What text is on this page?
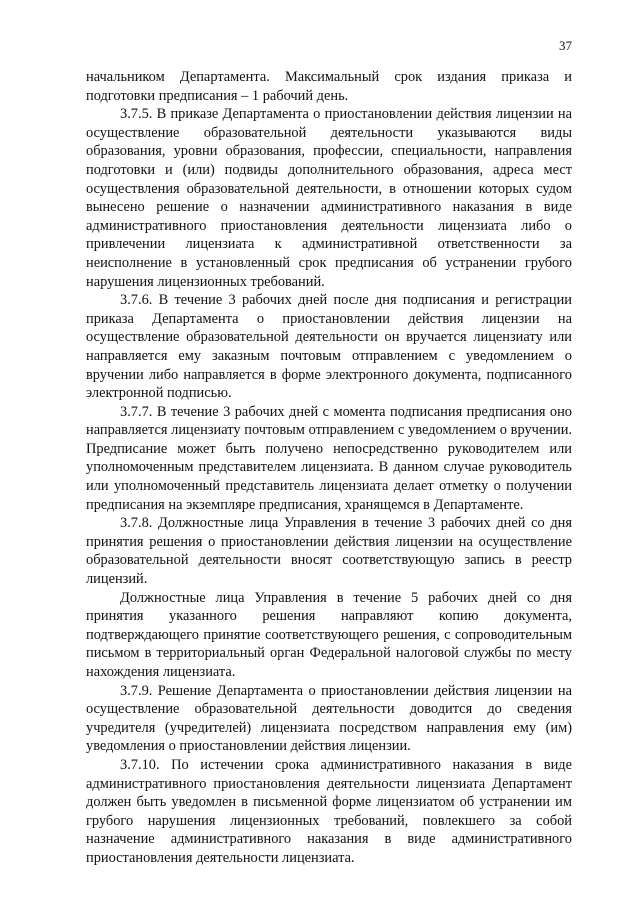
37

начальником Департамента. Максимальный срок издания приказа и подготовки предписания – 1 рабочий день.

3.7.5. В приказе Департамента о приостановлении действия лицензии на осуществление образовательной деятельности указываются виды образования, уровни образования, профессии, специальности, направления подготовки и (или) подвиды дополнительного образования, адреса мест осуществления образовательной деятельности, в отношении которых судом вынесено решение о назначении административного наказания в виде административного приостановления деятельности лицензиата либо о привлечении лицензиата к административной ответственности за неисполнение в установленный срок предписания об устранении грубого нарушения лицензионных требований.

3.7.6. В течение 3 рабочих дней после дня подписания и регистрации приказа Департамента о приостановлении действия лицензии на осуществление образовательной деятельности он вручается лицензиату или направляется ему заказным почтовым отправлением с уведомлением о вручении либо направляется в форме электронного документа, подписанного электронной подписью.

3.7.7. В течение 3 рабочих дней с момента подписания предписания оно направляется лицензиату почтовым отправлением с уведомлением о вручении. Предписание может быть получено непосредственно руководителем или уполномоченным представителем лицензиата. В данном случае руководитель или уполномоченный представитель лицензиата делает отметку о получении предписания на экземпляре предписания, хранящемся в Департаменте.

3.7.8. Должностные лица Управления в течение 3 рабочих дней со дня принятия решения о приостановлении действия лицензии на осуществление образовательной деятельности вносят соответствующую запись в реестр лицензий.

Должностные лица Управления в течение 5 рабочих дней со дня принятия указанного решения направляют копию документа, подтверждающего принятие соответствующего решения, с сопроводительным письмом в территориальный орган Федеральной налоговой службы по месту нахождения лицензиата.

3.7.9. Решение Департамента о приостановлении действия лицензии на осуществление образовательной деятельности доводится до сведения учредителя (учредителей) лицензиата посредством направления ему (им) уведомления о приостановлении действия лицензии.

3.7.10. По истечении срока административного наказания в виде административного приостановления деятельности лицензиата Департамент должен быть уведомлен в письменной форме лицензиатом об устранении им грубого нарушения лицензионных требований, повлекшего за собой назначение административного наказания в виде административного приостановления деятельности лицензиата.
